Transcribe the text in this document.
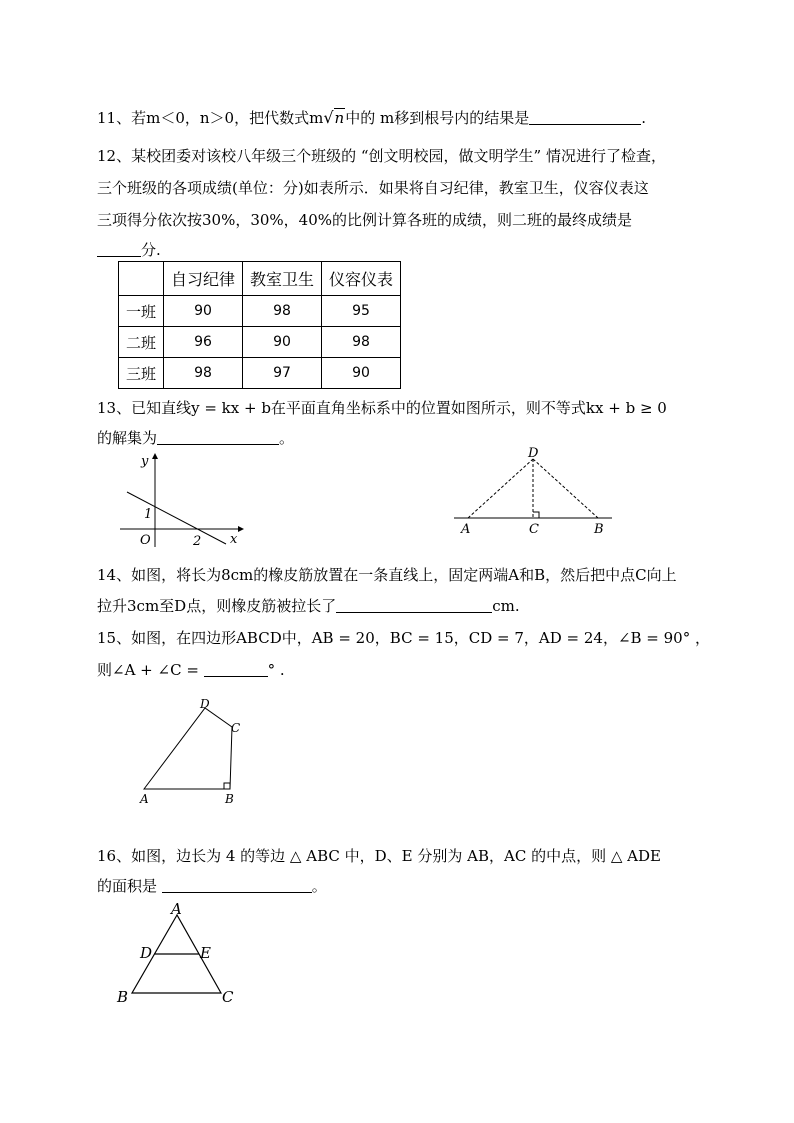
11、若m＜0，n＞0，把代数式m√n中的 m移到根号内的结果是	.
12、某校团委对该校八年级三个班级的 “创文明校园，做文明学生” 情况进行了检查，
三个班级的各项成绩(单位：分)如表所示．如果将自习纪律，教室卫生，仪容仪表这
三项得分依次按30%，30%，40%的比例计算各班的成绩，则二班的最终成绩是
分.
	自习纪律	教室卫生	仪容仪表
一班	90	98	95
二班	96	90	98
三班	98	97	90
13、已知直线y = kx + b在平面直角坐标系中的位置如图所示，则不等式kx + b ≥ 0
的解集为	。
y
x
O
1
2
D
A	C	B
14、如图，将长为8cm的橡皮筋放置在一条直线上，固定两端A和B，然后把中点C向上
拉升3cm至D点，则橡皮筋被拉长了	cm.
15、如图，在四边形ABCD中，AB = 20，BC = 15，CD = 7，AD = 24，∠B = 90° ，
则∠A + ∠C =	° .
D
C
A	B
16、如图，边长为 4 的等边 △ ABC 中，D、E 分别为 AB，AC 的中点，则 △ ADE
的面积是	。
A
D	E
B	C
